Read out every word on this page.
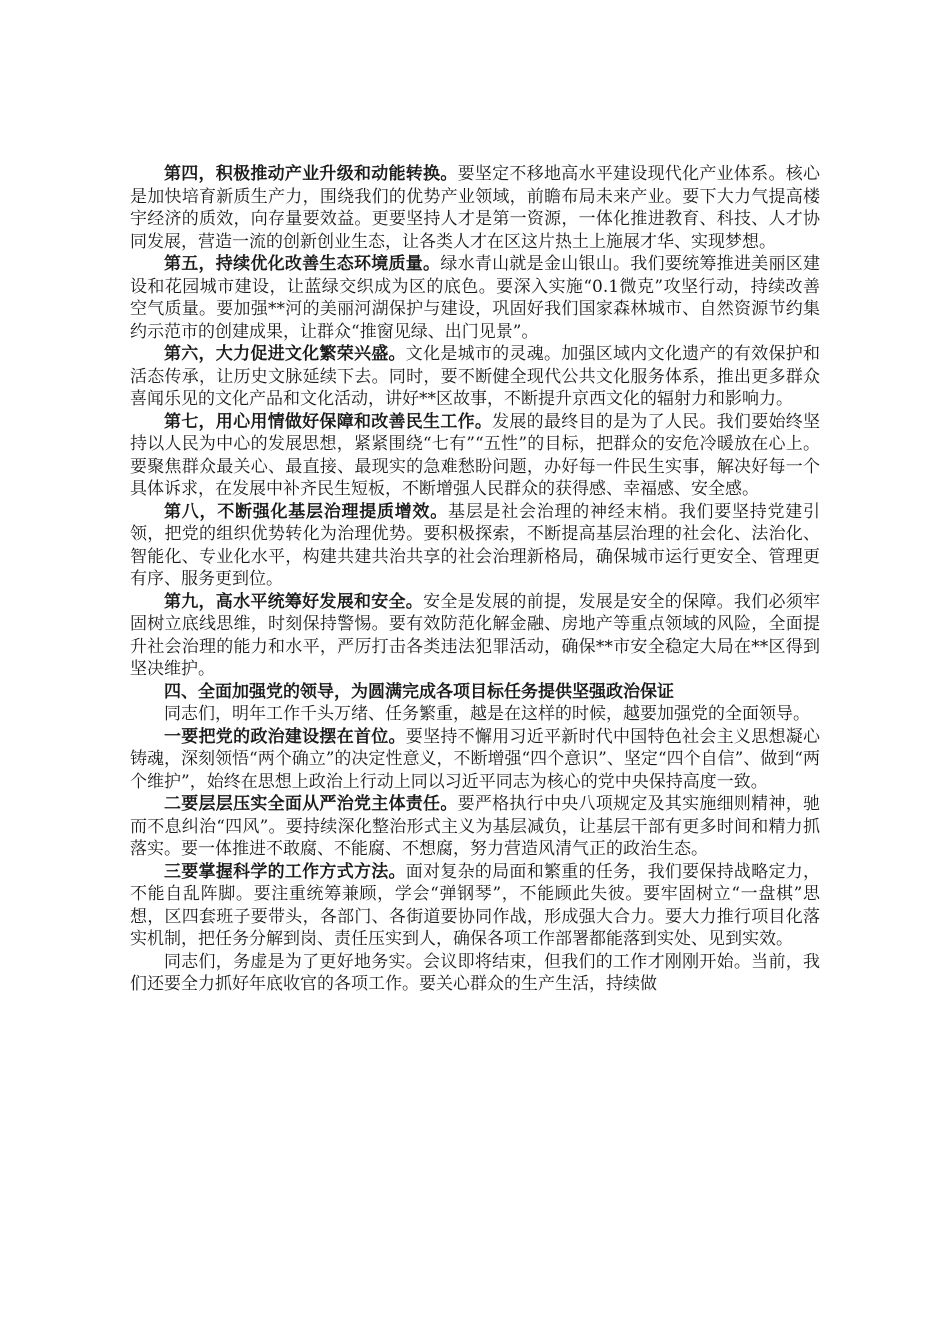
第四，积极推动产业升级和动能转换。要坚定不移地高水平建设现代化产业体系。核心是加快培育新质生产力，围绕我们的优势产业领域，前瞻布局未来产业。要下大力气提高楼宇经济的质效，向存量要效益。更要坚持人才是第一资源，一体化推进教育、科技、人才协同发展，营造一流的创新创业生态，让各类人才在区这片热土上施展才华、实现梦想。

第五，持续优化改善生态环境质量。绿水青山就是金山银山。我们要统筹推进美丽区建设和花园城市建设，让蓝绿交织成为区的底色。要深入实施“0.1微克”攻坚行动，持续改善空气质量。要加强**河的美丽河湖保护与建设，巩固好我们国家森林城市、自然资源节约集约示范市的创建成果，让群众“推窗见绿、出门见景”。

第六，大力促进文化繁荣兴盛。文化是城市的灵魂。加强区域内文化遗产的有效保护和活态传承，让历史文脉延续下去。同时，要不断健全现代公共文化服务体系，推出更多群众喜闻乐见的文化产品和文化活动，讲好**区故事，不断提升京西文化的辐射力和影响力。

第七，用心用情做好保障和改善民生工作。发展的最终目的是为了人民。我们要始终坚持以人民为中心的发展思想，紧紧围绕“七有”“五性”的目标，把群众的安危冷暖放在心上。要聚焦群众最关心、最直接、最现实的急难愁盼问题，办好每一件民生实事，解决好每一个具体诉求，在发展中补齐民生短板，不断增强人民群众的获得感、幸福感、安全感。

第八，不断强化基层治理提质增效。基层是社会治理的神经末梢。我们要坚持党建引领，把党的组织优势转化为治理优势。要积极探索，不断提高基层治理的社会化、法治化、智能化、专业化水平，构建共建共治共享的社会治理新格局，确保城市运行更安全、管理更有序、服务更到位。

第九，高水平统筹好发展和安全。安全是发展的前提，发展是安全的保障。我们必须牢固树立底线思维，时刻保持警惕。要有效防范化解金融、房地产等重点领域的风险，全面提升社会治理的能力和水平，严厉打击各类违法犯罪活动，确保**市安全稳定大局在**区得到坚决维护。

四、全面加强党的领导，为圆满完成各项目标任务提供坚强政治保证

同志们，明年工作千头万绪、任务繁重，越是在这样的时候，越要加强党的全面领导。

一要把党的政治建设摆在首位。要坚持不懈用习近平新时代中国特色社会主义思想凝心铸魂，深刻领悟“两个确立”的决定性意义，不断增强“四个意识”、坚定“四个自信”、做到“两个维护”，始终在思想上政治上行动上同以习近平同志为核心的党中央保持高度一致。

二要层层压实全面从严治党主体责任。要严格执行中央八项规定及其实施细则精神，驰而不息纠治“四风”。要持续深化整治形式主义为基层减负，让基层干部有更多时间和精力抓落实。要一体推进不敢腐、不能腐、不想腐，努力营造风清气正的政治生态。

三要掌握科学的工作方式方法。面对复杂的局面和繁重的任务，我们要保持战略定力，不能自乱阵脚。要注重统筹兼顾，学会“弹钢琴”，不能顾此失彼。要牢固树立“一盘棋”思想，区四套班子要带头，各部门、各街道要协同作战，形成强大合力。要大力推行项目化落实机制，把任务分解到岗、责任压实到人，确保各项工作部署都能落到实处、见到实效。

同志们，务虚是为了更好地务实。会议即将结束，但我们的工作才刚刚开始。当前，我们还要全力抓好年底收官的各项工作。要关心群众的生产生活，持续做
